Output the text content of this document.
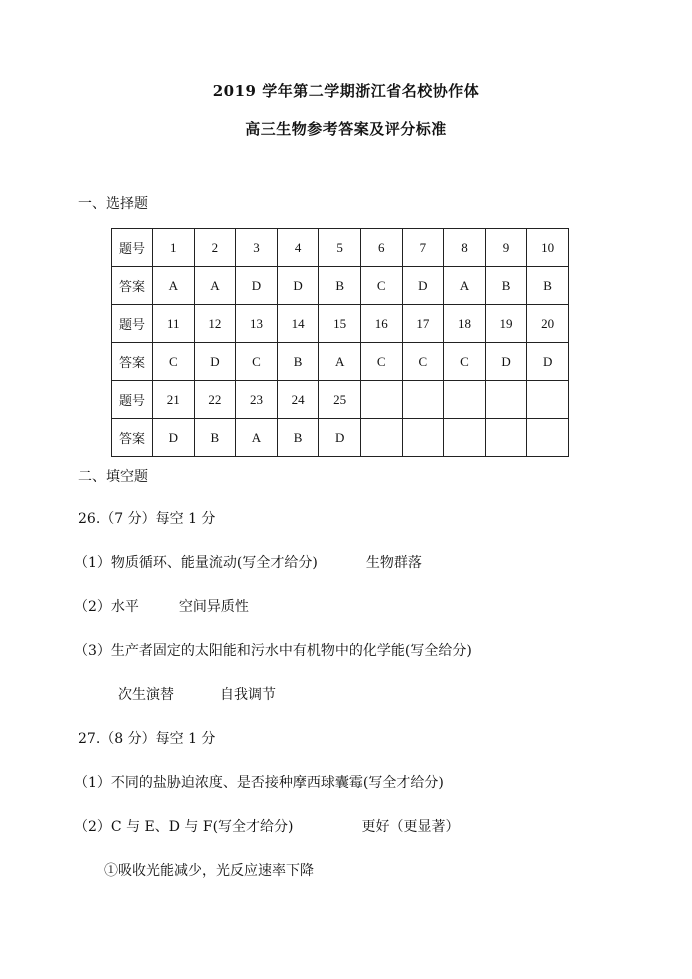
2019 学年第二学期浙江省名校协作体
高三生物参考答案及评分标准
一、选择题
题号	1	2	3	4	5	6	7	8	9	10
答案	A	A	D	D	B	C	D	A	B	B
题号	11	12	13	14	15	16	17	18	19	20
答案	C	D	C	B	A	C	C	C	D	D
题号	21	22	23	24	25					
答案	D	B	A	B	D					
二、填空题
26.（7 分）每空 1 分
（1）物质循环、能量流动(写全才给分)	生物群落
（2）水平	空间异质性
（3）生产者固定的太阳能和污水中有机物中的化学能(写全给分)
次生演替	自我调节
27.（8 分）每空 1 分
（1）不同的盐胁迫浓度、是否接种摩西球囊霉(写全才给分)
（2）C 与 E、D 与 F(写全才给分)	更好（更显著）
①吸收光能减少，光反应速率下降
